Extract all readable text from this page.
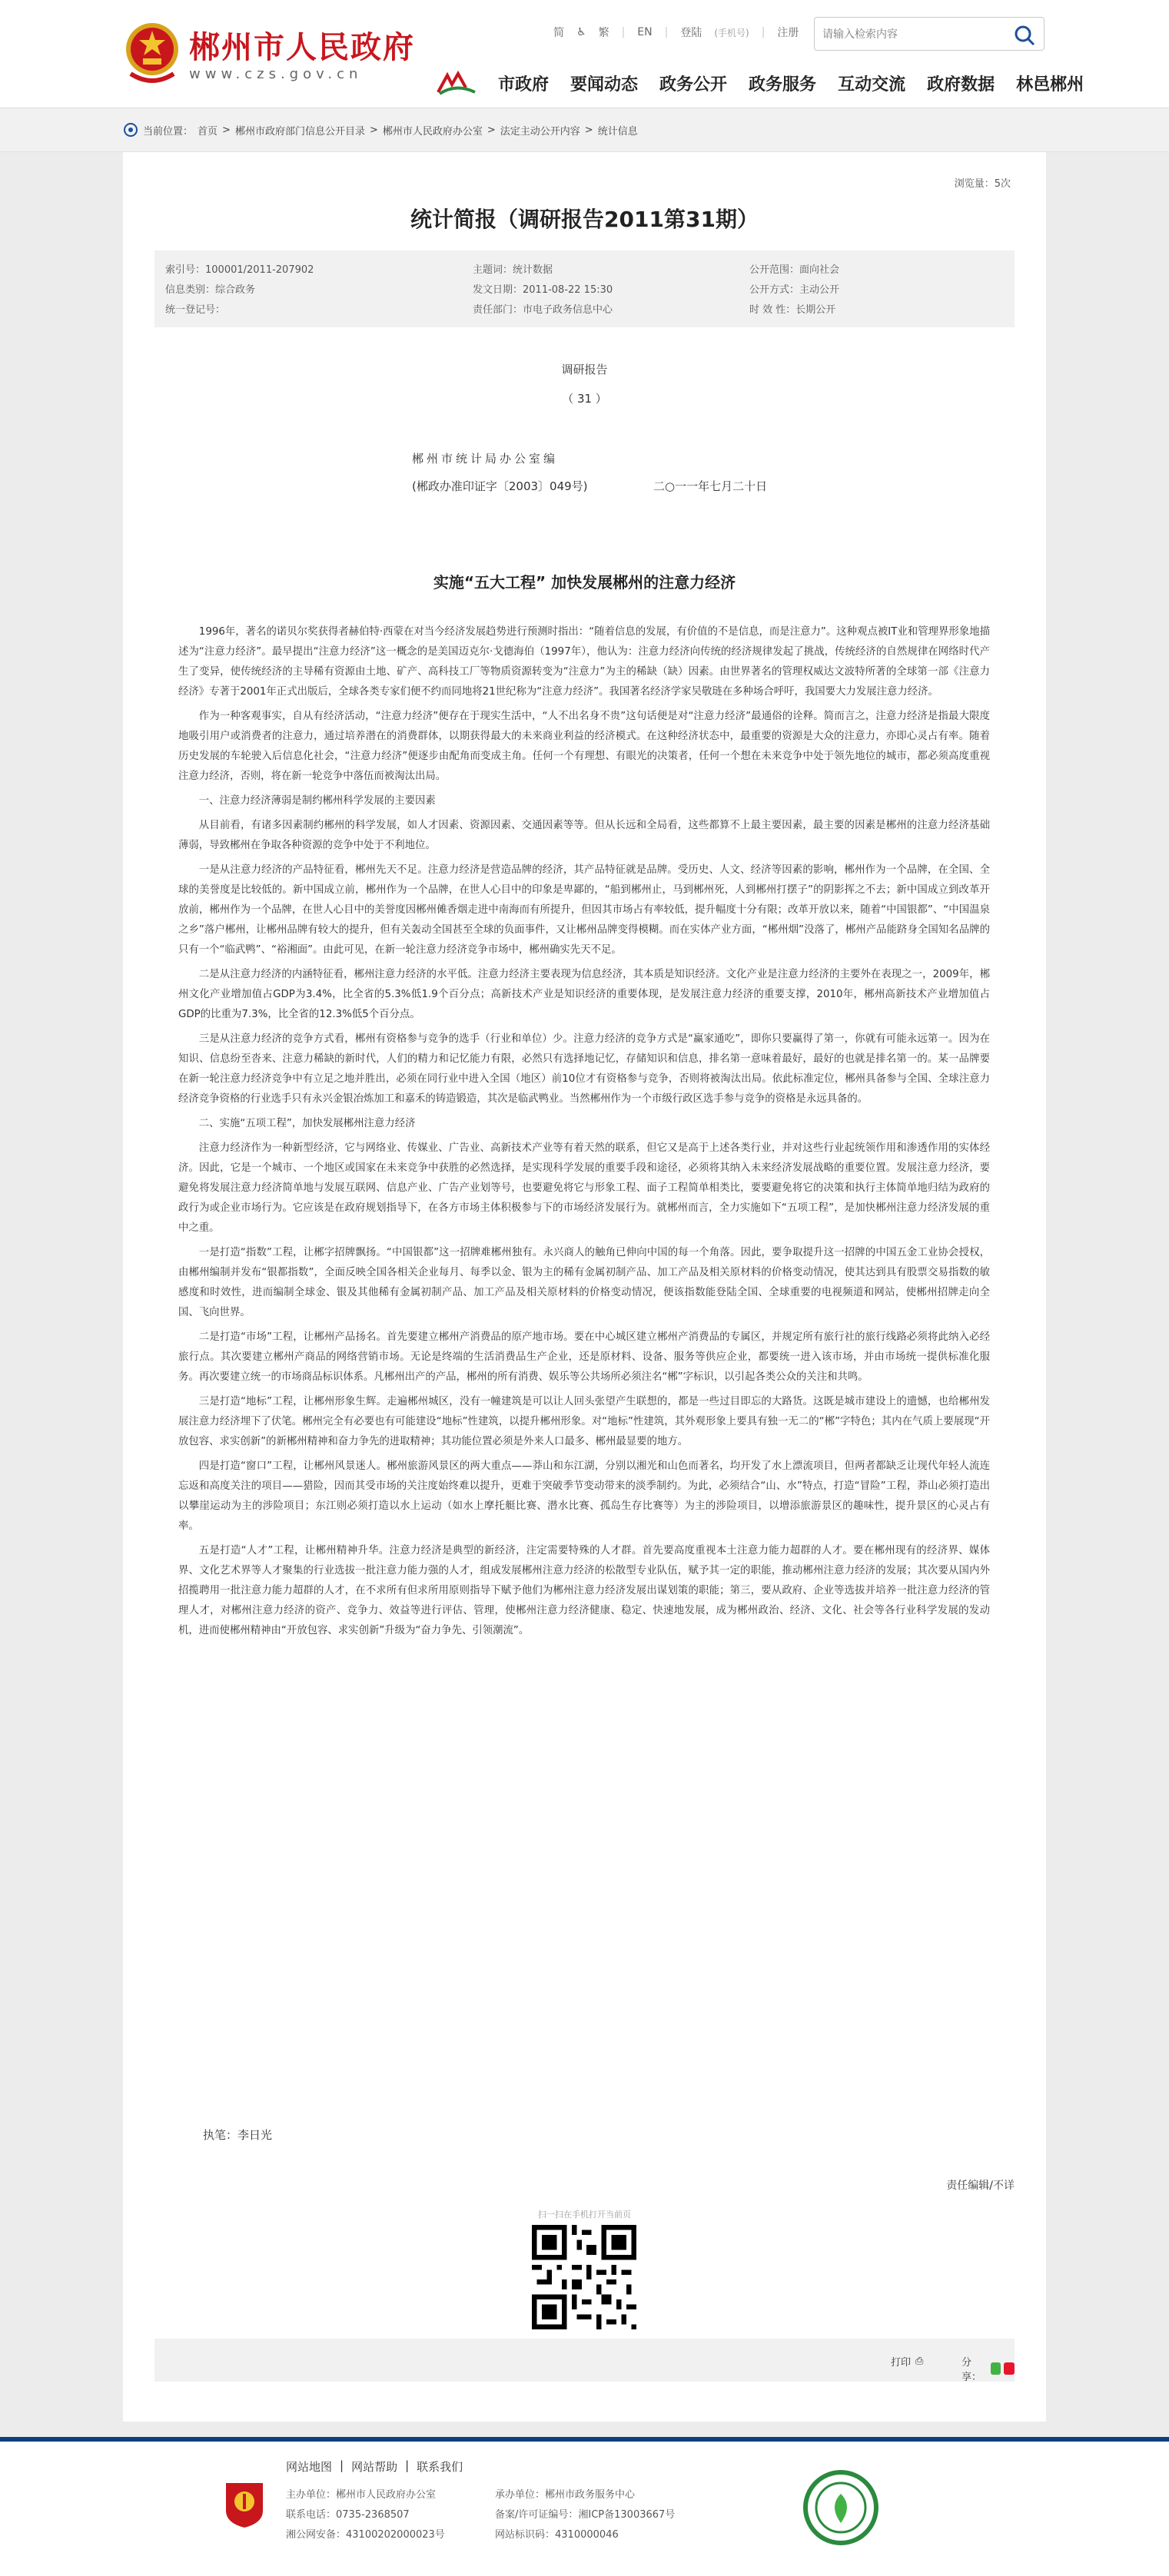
郴州市人民政府
www.czs.gov.cn
简 ♿ 繁 | EN | 登陆 (手机号) | 注册
请输入检索内容
市政府	要闻动态	政务公开	政务服务	互动交流	政府数据	林邑郴州
当前位置： 首页 > 郴州市政府部门信息公开目录 > 郴州市人民政府办公室 > 法定主动公开内容 > 统计信息
浏览量：5次
统计简报（调研报告2011第31期）
索引号：100001/2011-207902	主题词：统计数据	公开范围：面向社会
信息类别：综合政务	发文日期：2011-08-22 15:30	公开方式：主动公开
统一登记号：	责任部门：市电子政务信息中心	时 效 性：长期公开
调研报告
（ 31 ）
郴州市统计局办公室编
(郴政办准印证字〔2003〕049号)	二○一一年七月二十日
实施“五大工程” 加快发展郴州的注意力经济

1996年，著名的诺贝尔奖获得者赫伯特·西蒙在对当今经济发展趋势进行预测时指出：“随着信息的发展，有价值的不是信息，而是注意力”。这种观点被IT业和管理界形象地描述为“注意力经济”。最早提出“注意力经济”这一概念的是美国迈克尔·戈德海伯（1997年），他认为：注意力经济向传统的经济规律发起了挑战，传统经济的自然规律在网络时代产生了变异，使传统经济的主导稀有资源由土地、矿产、高科技工厂等物质资源转变为“注意力”为主的稀缺（缺）因素。由世界著名的管理权威达文波特所著的全球第一部《注意力经济》专著于2001年正式出版后，全球各类专家们便不约而同地将21世纪称为“注意力经济”。我国著名经济学家吴敬琏在多种场合呼吁，我国要大力发展注意力经济。

作为一种客观事实，自从有经济活动，“注意力经济”便存在于现实生活中，“人不出名身不贵”这句话便是对“注意力经济”最通俗的诠释。简而言之，注意力经济是指最大限度地吸引用户或消费者的注意力，通过培养潜在的消费群体，以期获得最大的未来商业利益的经济模式。在这种经济状态中，最重要的资源是大众的注意力，亦即心灵占有率。随着历史发展的车轮驶入后信息化社会，“注意力经济”便逐步由配角而变成主角。任何一个有理想、有眼光的决策者，任何一个想在未来竞争中处于领先地位的城市，都必须高度重视注意力经济，否则，将在新一轮竞争中落伍而被淘汰出局。

一、注意力经济薄弱是制约郴州科学发展的主要因素

从目前看，有诸多因素制约郴州的科学发展，如人才因素、资源因素、交通因素等等。但从长远和全局看，这些都算不上最主要因素，最主要的因素是郴州的注意力经济基础薄弱，导致郴州在争取各种资源的竞争中处于不利地位。

一是从注意力经济的产品特征看，郴州先天不足。注意力经济是营造品牌的经济，其产品特征就是品牌。受历史、人文、经济等因素的影响，郴州作为一个品牌，在全国、全球的美誉度是比较低的。新中国成立前，郴州作为一个品牌，在世人心目中的印象是卑鄙的，“船到郴州止，马到郴州死，人到郴州打摆子”的阴影挥之不去；新中国成立到改革开放前，郴州作为一个品牌，在世人心目中的美誉度因郴州傩香烟走进中南海而有所提升，但因其市场占有率较低，提升幅度十分有限；改革开放以来，随着“中国银都”、“中国温泉之乡”落户郴州，让郴州品牌有较大的提升，但有关轰动全国甚至全球的负面事件，又让郴州品牌变得模糊。而在实体产业方面，“郴州烟”没落了，郴州产品能跻身全国知名品牌的只有一个“临武鸭”、“裕湘面”。由此可见，在新一轮注意力经济竞争市场中，郴州确实先天不足。

二是从注意力经济的内涵特征看，郴州注意力经济的水平低。注意力经济主要表现为信息经济，其本质是知识经济。文化产业是注意力经济的主要外在表现之一，2009年，郴州文化产业增加值占GDP为3.4%，比全省的5.3%低1.9个百分点；高新技术产业是知识经济的重要体现，是发展注意力经济的重要支撑，2010年，郴州高新技术产业增加值占GDP的比重为7.3%，比全省的12.3%低5个百分点。

三是从注意力经济的竞争方式看，郴州有资格参与竞争的选手（行业和单位）少。注意力经济的竞争方式是“赢家通吃”，即你只要赢得了第一，你就有可能永远第一。因为在知识、信息纷至沓来、注意力稀缺的新时代，人们的精力和记忆能力有限，必然只有选择地记忆，存储知识和信息，排名第一意味着最好，最好的也就是排名第一的。某一品牌要在新一轮注意力经济竞争中有立足之地并胜出，必须在同行业中进入全国（地区）前10位才有资格参与竞争，否则将被淘汰出局。依此标准定位，郴州具备参与全国、全球注意力经济竞争资格的行业选手只有永兴金银冶炼加工和嘉禾的铸造锻造，其次是临武鸭业。当然郴州作为一个市级行政区选手参与竞争的资格是永远具备的。

二、实施“五项工程”，加快发展郴州注意力经济

注意力经济作为一种新型经济，它与网络业、传媒业、广告业、高新技术产业等有着天然的联系，但它又是高于上述各类行业，并对这些行业起统领作用和渗透作用的实体经济。因此，它是一个城市、一个地区或国家在未来竞争中获胜的必然选择，是实现科学发展的重要手段和途径，必须将其纳入未来经济发展战略的重要位置。发展注意力经济，要避免将发展注意力经济简单地与发展互联网、信息产业、广告产业划等号，也要避免将它与形象工程、面子工程简单相类比，要要避免将它的决策和执行主体简单地归结为政府的政行为或企业市场行为。它应该是在政府规划指导下，在各方市场主体积极参与下的市场经济发展行为。就郴州而言，全力实施如下“五项工程”，是加快郴州注意力经济发展的重中之重。

一是打造“指数”工程，让郴字招牌飘扬。“中国银都”这一招牌难郴州独有。永兴商人的触角已伸向中国的每一个角落。因此，要争取提升这一招牌的中国五金工业协会授权，由郴州编制并发布“银都指数”，全面反映全国各相关企业每月、每季以金、银为主的稀有金属初制产品、加工产品及相关原材料的价格变动情况，使其达到具有股票交易指数的敏感度和时效性，进而编制全球金、银及其他稀有金属初制产品、加工产品及相关原材料的价格变动情况，便该指数能登陆全国、全球重要的电视频道和网站，使郴州招牌走向全国、飞向世界。

二是打造“市场”工程，让郴州产品扬名。首先要建立郴州产消费品的原产地市场。要在中心城区建立郴州产消费品的专属区，并规定所有旅行社的旅行线路必须将此纳入必经旅行点。其次要建立郴州产商品的网络营销市场。无论是终端的生活消费品生产企业，还是原材料、设备、服务等供应企业，都要统一进入该市场，并由市场统一提供标准化服务。再次要建立统一的市场商品标识体系。凡郴州出产的产品，郴州的所有消费、娱乐等公共场所必须注名“郴”字标识，以引起各类公众的关注和共鸣。

三是打造“地标”工程，让郴州形象生辉。走遍郴州城区，没有一幢建筑是可以让人回头张望产生联想的，都是一些过目即忘的大路货。这既是城市建设上的遗憾，也给郴州发展注意力经济埋下了伏笔。郴州完全有必要也有可能建设“地标”性建筑，以提升郴州形象。对“地标”性建筑，其外观形象上要具有独一无二的“郴”字特色；其内在气质上要展现“开放包容、求实创新”的新郴州精神和奋力争先的进取精神；其功能位置必须是外来人口最多、郴州最显要的地方。

四是打造“窗口”工程，让郴州风景迷人。郴州旅游风景区的两大重点——莽山和东江湖，分别以湘光和山色而著名，均开发了水上漂流项目，但两者都缺乏让现代年轻人流连忘返和高度关注的项目——猎险，因而其受市场的关注度始终难以提升，更难于突破季节变动带来的淡季制约。为此，必须结合“山、水”特点，打造“冒险”工程，莽山必须打造出以攀崖运动为主的涉险项目；东江则必须打造以水上运动（如水上摩托艇比赛、潜水比赛、孤岛生存比赛等）为主的涉险项目，以增添旅游景区的趣味性，提升景区的心灵占有率。

五是打造“人才”工程，让郴州精神升华。注意力经济是典型的新经济，注定需要特殊的人才群。首先要高度重视本土注意力能力超群的人才。要在郴州现有的经济界、媒体界、文化艺术界等人才聚集的行业选拔一批注意力能力强的人才，组成发展郴州注意力经济的松散型专业队伍，赋予其一定的职能，推动郴州注意力经济的发展；其次要从国内外招揽聘用一批注意力能力超群的人才，在不求所有但求所用原则指导下赋予他们为郴州注意力经济发展出谋划策的职能；第三，要从政府、企业等选拔并培养一批注意力经济的管理人才，对郴州注意力经济的资产、竞争力、效益等进行评估、管理，使郴州注意力经济健康、稳定、快速地发展，成为郴州政治、经济、文化、社会等各行业科学发展的发动机，进而使郴州精神由“开放包容、求实创新”升级为“奋力争先、引领潮流”。

执笔：李日光
责任编辑/不详
扫一扫在手机打开当前页
打印 ⎙	分享：
网站地图 | 网站帮助 | 联系我们
主办单位：郴州市人民政府办公室	承办单位：郴州市政务服务中心
联系电话：0735-2368507	备案/许可证编号：湘ICP备13003667号
湘公网安备：43100202000023号	网站标识码：4310000046
